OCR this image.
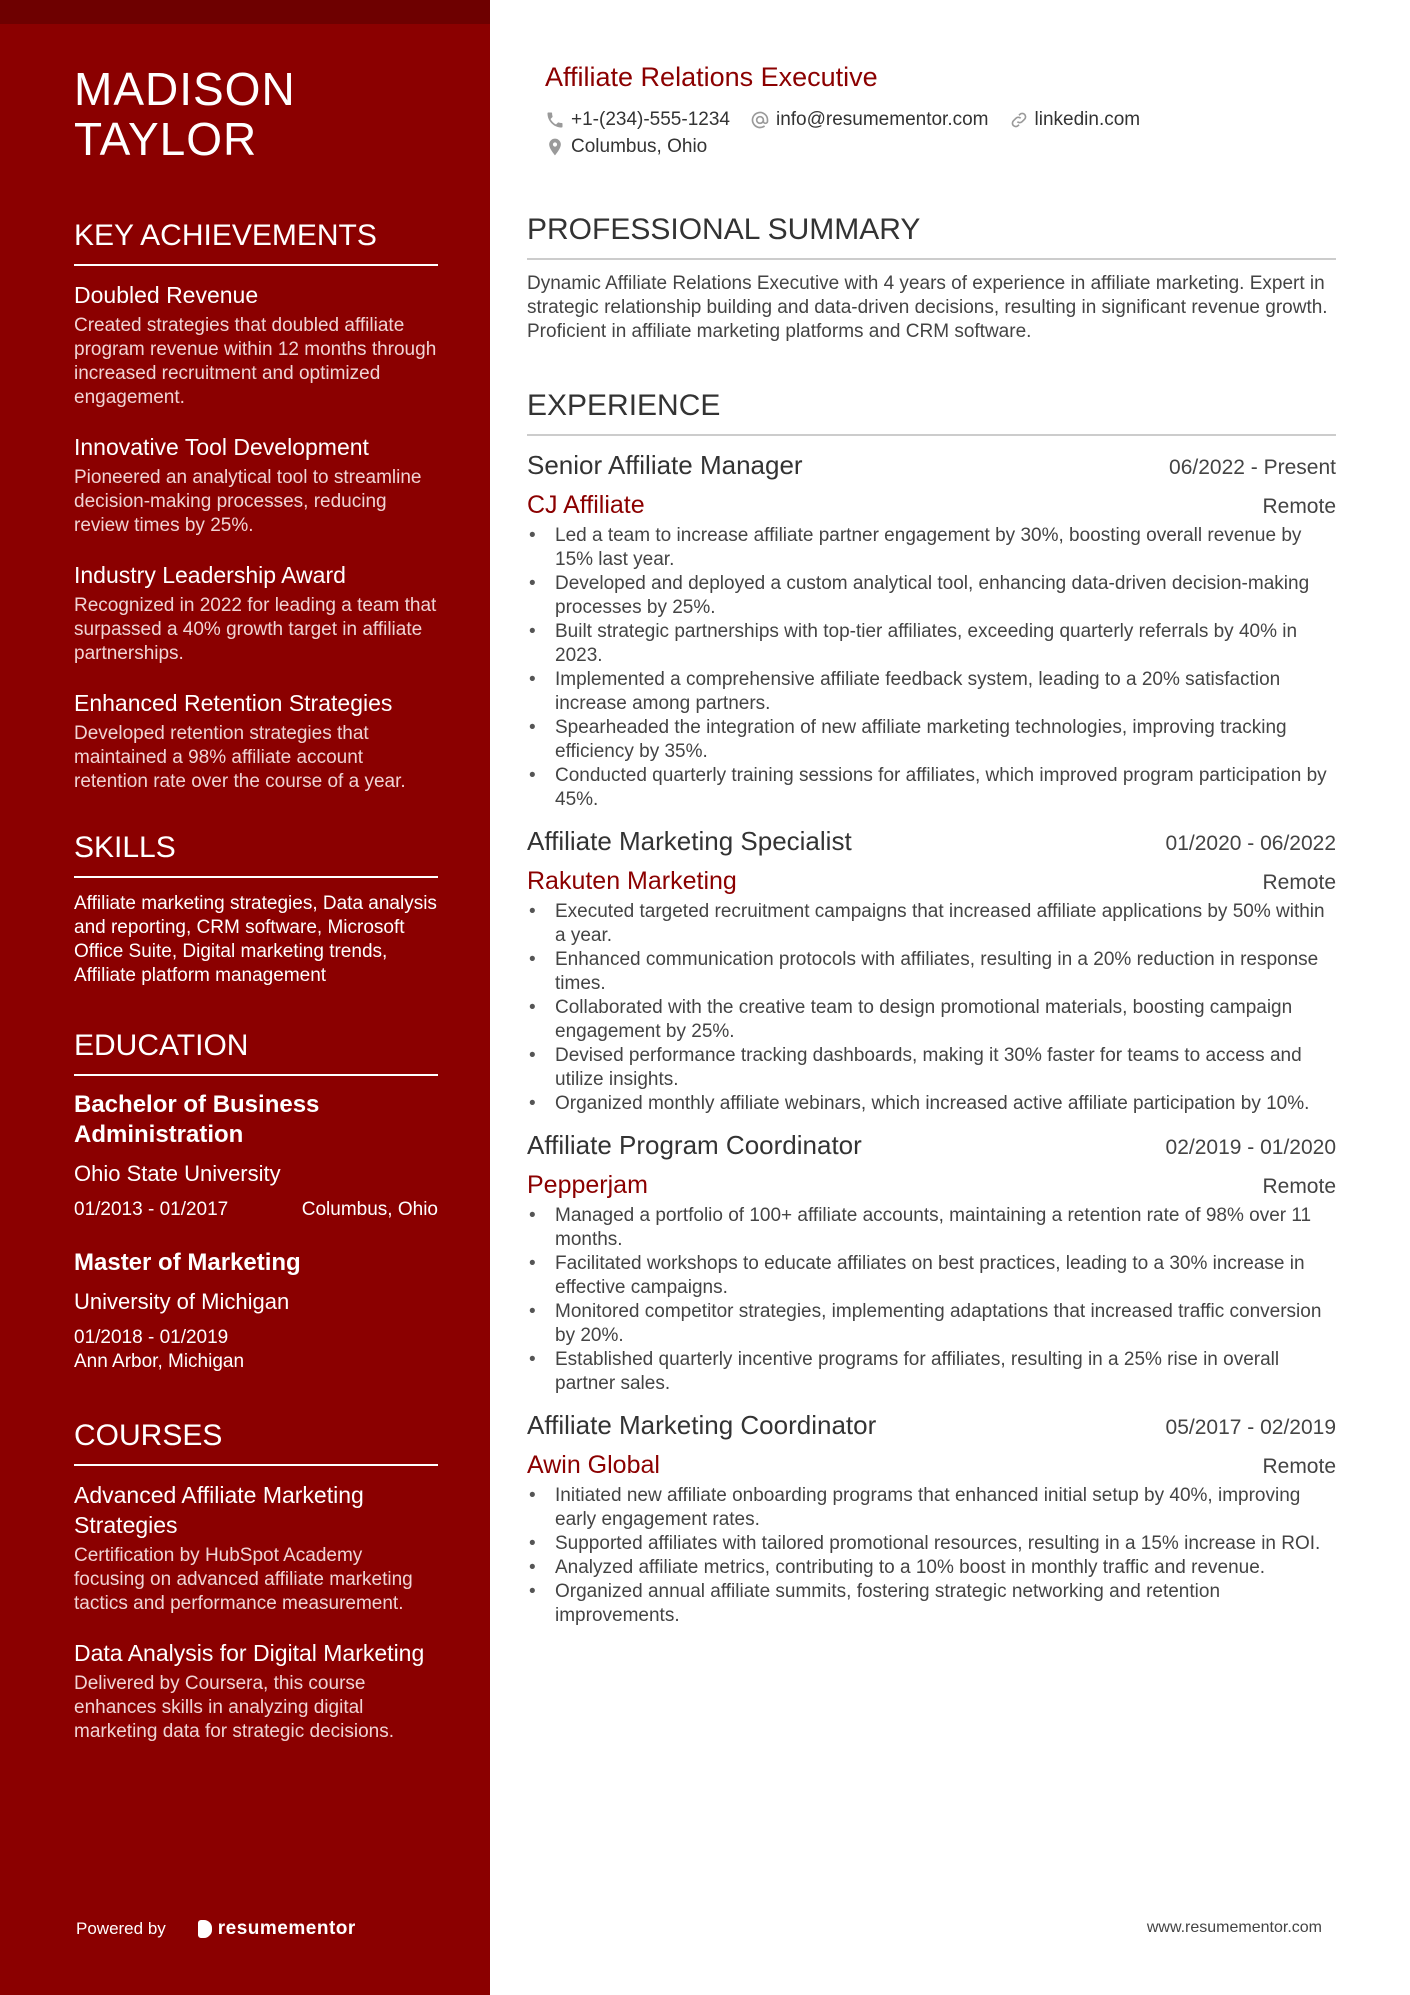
MADISON
TAYLOR
KEY ACHIEVEMENTS
Doubled Revenue
Created strategies that doubled affiliate program revenue within 12 months through increased recruitment and optimized engagement.
Innovative Tool Development
Pioneered an analytical tool to streamline decision-making processes, reducing review times by 25%.
Industry Leadership Award
Recognized in 2022 for leading a team that surpassed a 40% growth target in affiliate partnerships.
Enhanced Retention Strategies
Developed retention strategies that maintained a 98% affiliate account retention rate over the course of a year.
SKILLS
Affiliate marketing strategies, Data analysis and reporting, CRM software, Microsoft Office Suite, Digital marketing trends, Affiliate platform management
EDUCATION
Bachelor of Business Administration
Ohio State University
01/2013 - 01/2017	Columbus, Ohio
Master of Marketing
University of Michigan
01/2018 - 01/2019
Ann Arbor, Michigan
COURSES
Advanced Affiliate Marketing Strategies
Certification by HubSpot Academy focusing on advanced affiliate marketing tactics and performance measurement.
Data Analysis for Digital Marketing
Delivered by Coursera, this course enhances skills in analyzing digital marketing data for strategic decisions.
Powered by	resumementor
Affiliate Relations Executive
+1-(234)-555-1234 info@resumementor.com linkedin.com
Columbus, Ohio
PROFESSIONAL SUMMARY
Dynamic Affiliate Relations Executive with 4 years of experience in affiliate marketing. Expert in strategic relationship building and data-driven decisions, resulting in significant revenue growth. Proficient in affiliate marketing platforms and CRM software.
EXPERIENCE
Senior Affiliate Manager	06/2022 - Present
CJ Affiliate	Remote
• Led a team to increase affiliate partner engagement by 30%, boosting overall revenue by 15% last year.
• Developed and deployed a custom analytical tool, enhancing data-driven decision-making processes by 25%.
• Built strategic partnerships with top-tier affiliates, exceeding quarterly referrals by 40% in 2023.
• Implemented a comprehensive affiliate feedback system, leading to a 20% satisfaction increase among partners.
• Spearheaded the integration of new affiliate marketing technologies, improving tracking efficiency by 35%.
• Conducted quarterly training sessions for affiliates, which improved program participation by 45%.
Affiliate Marketing Specialist	01/2020 - 06/2022
Rakuten Marketing	Remote
• Executed targeted recruitment campaigns that increased affiliate applications by 50% within a year.
• Enhanced communication protocols with affiliates, resulting in a 20% reduction in response times.
• Collaborated with the creative team to design promotional materials, boosting campaign engagement by 25%.
• Devised performance tracking dashboards, making it 30% faster for teams to access and utilize insights.
• Organized monthly affiliate webinars, which increased active affiliate participation by 10%.
Affiliate Program Coordinator	02/2019 - 01/2020
Pepperjam	Remote
• Managed a portfolio of 100+ affiliate accounts, maintaining a retention rate of 98% over 11 months.
• Facilitated workshops to educate affiliates on best practices, leading to a 30% increase in effective campaigns.
• Monitored competitor strategies, implementing adaptations that increased traffic conversion by 20%.
• Established quarterly incentive programs for affiliates, resulting in a 25% rise in overall partner sales.
Affiliate Marketing Coordinator	05/2017 - 02/2019
Awin Global	Remote
• Initiated new affiliate onboarding programs that enhanced initial setup by 40%, improving early engagement rates.
• Supported affiliates with tailored promotional resources, resulting in a 15% increase in ROI.
• Analyzed affiliate metrics, contributing to a 10% boost in monthly traffic and revenue.
• Organized annual affiliate summits, fostering strategic networking and retention improvements.
www.resumementor.com
